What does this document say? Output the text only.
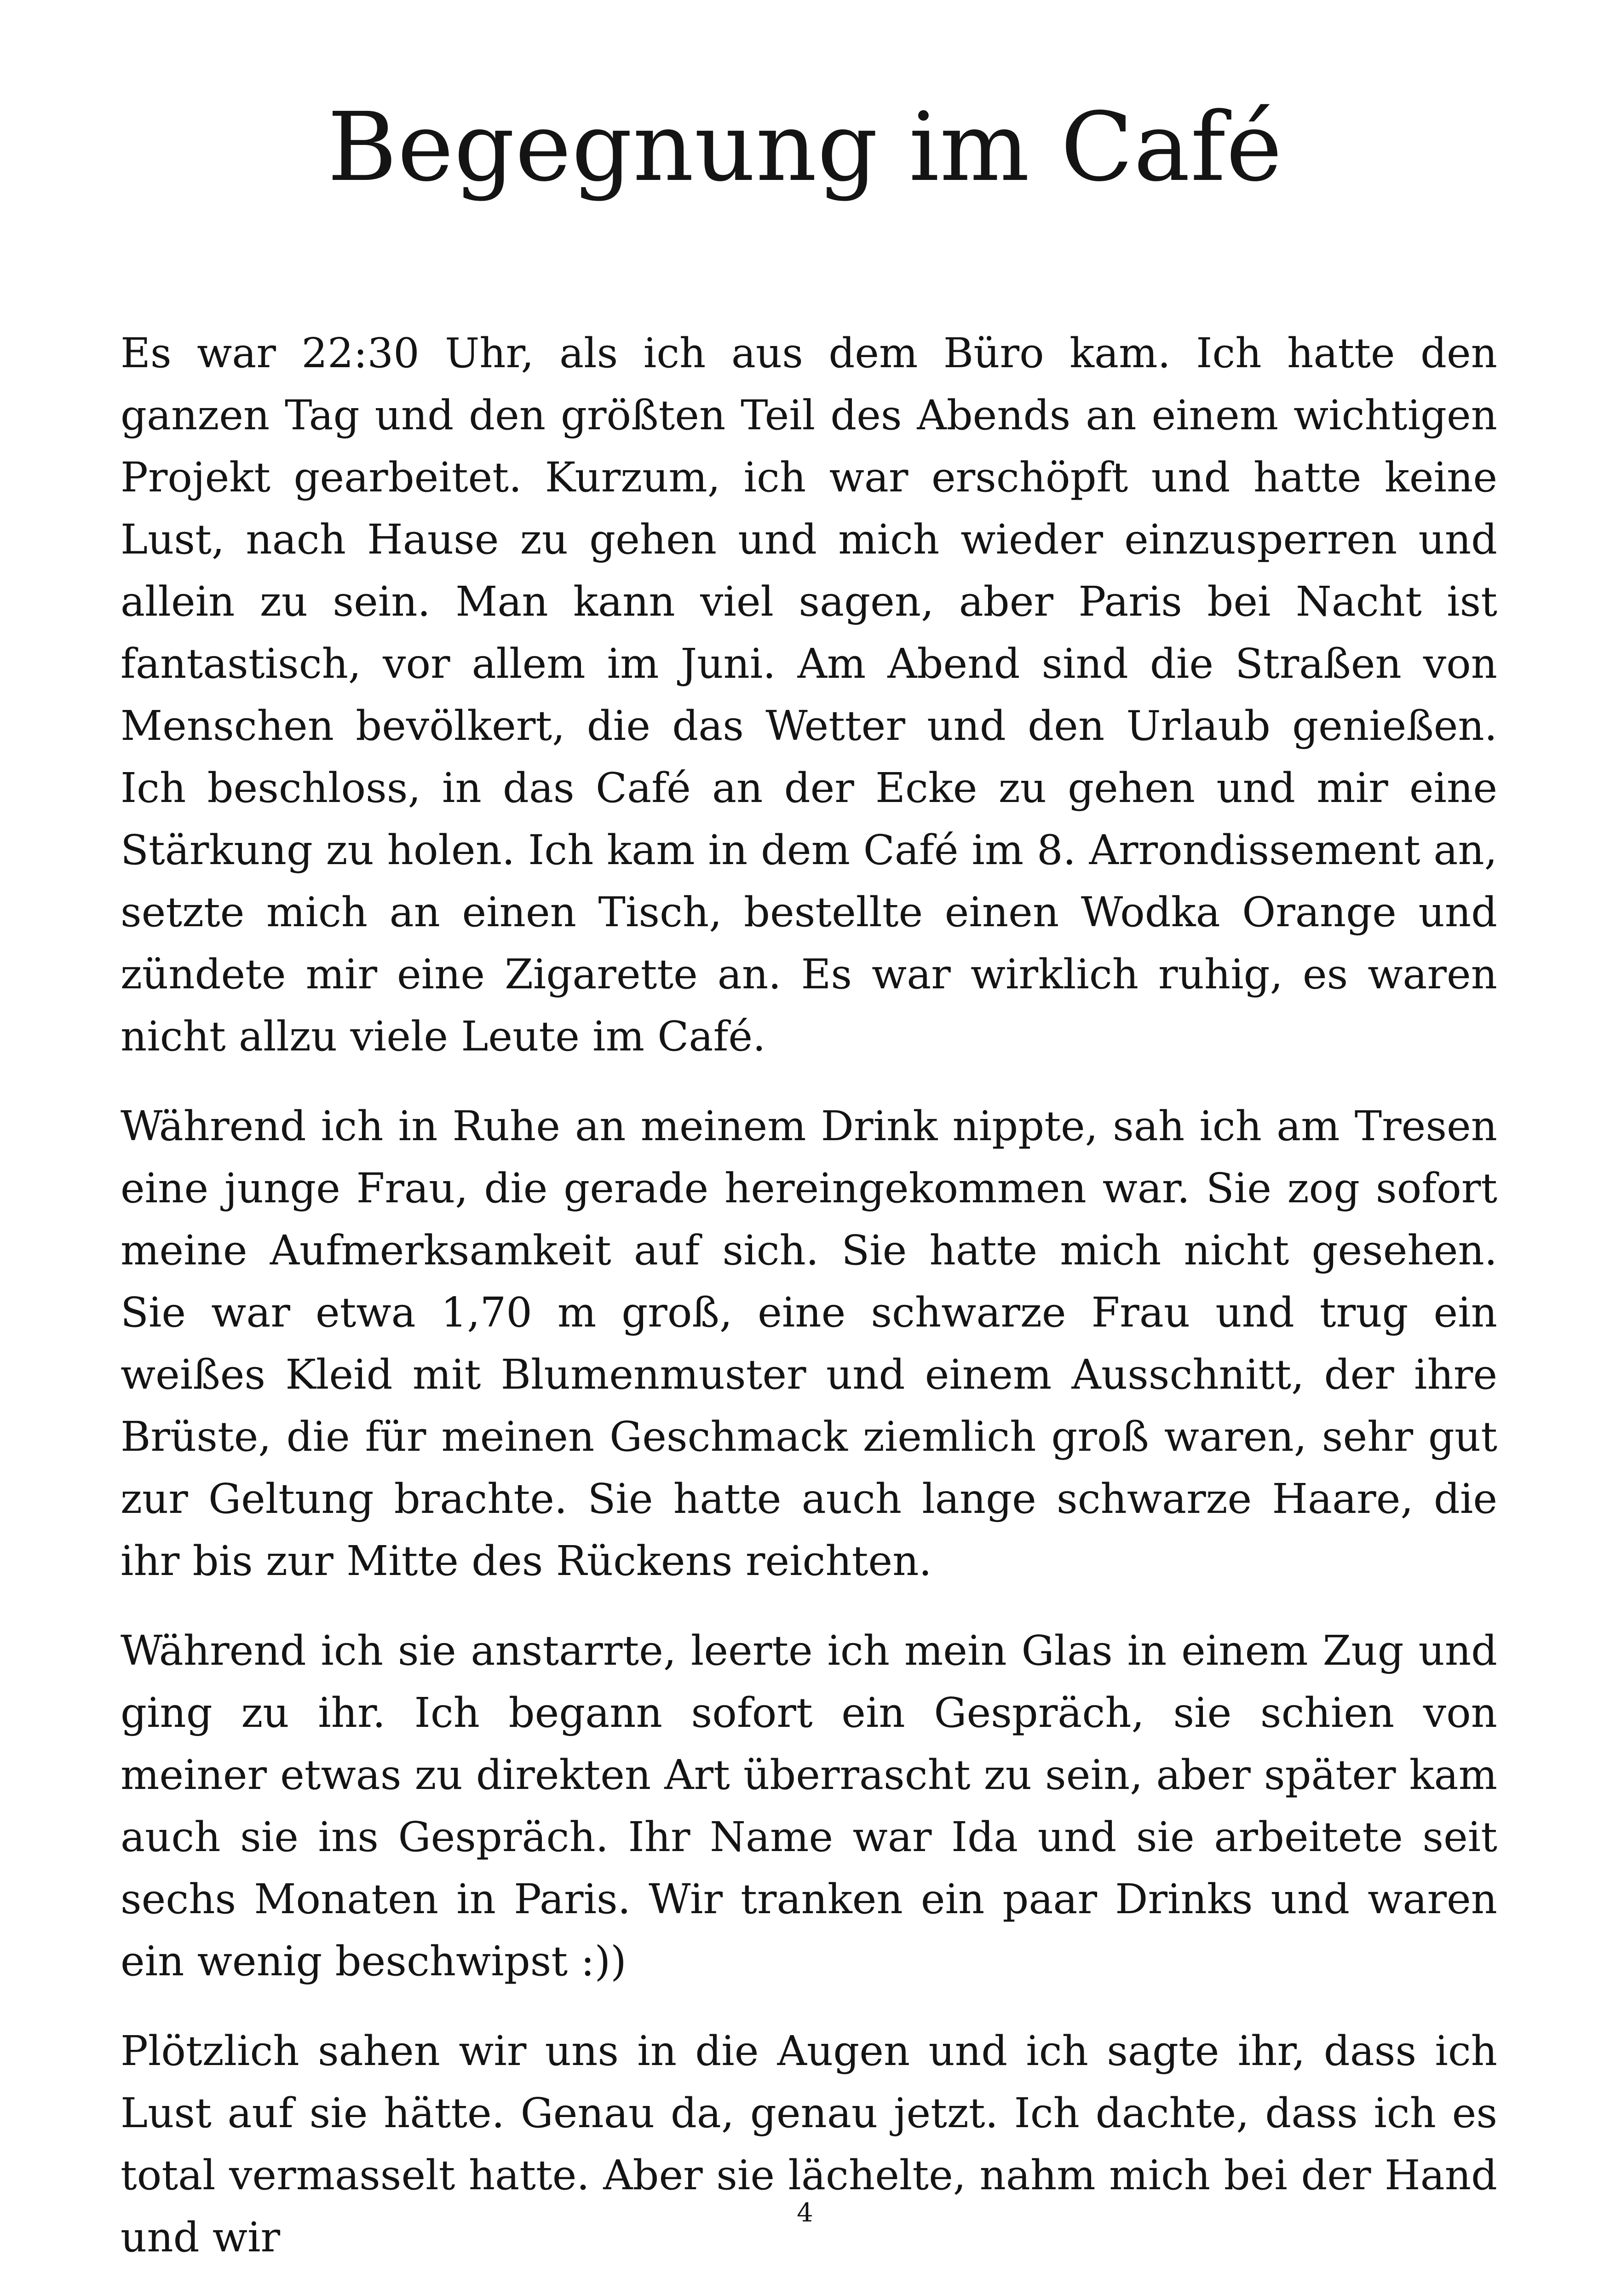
Begegnung im Café

Es war 22:30 Uhr, als ich aus dem Büro kam. Ich hatte den ganzen Tag und den größten Teil des Abends an einem wichtigen Projekt gearbeitet. Kurzum, ich war erschöpft und hatte keine Lust, nach Hause zu gehen und mich wieder einzusperren und allein zu sein. Man kann viel sagen, aber Paris bei Nacht ist fantastisch, vor allem im Juni. Am Abend sind die Straßen von Menschen bevölkert, die das Wetter und den Urlaub genießen. Ich beschloss, in das Café an der Ecke zu gehen und mir eine Stärkung zu holen. Ich kam in dem Café im 8. Arrondissement an, setzte mich an einen Tisch, bestellte einen Wodka Orange und zündete mir eine Zigarette an. Es war wirklich ruhig, es waren nicht allzu viele Leute im Café.

Während ich in Ruhe an meinem Drink nippte, sah ich am Tresen eine junge Frau, die gerade hereingekommen war. Sie zog sofort meine Aufmerksamkeit auf sich. Sie hatte mich nicht gesehen. Sie war etwa 1,70 m groß, eine schwarze Frau und trug ein weißes Kleid mit Blumenmuster und einem Ausschnitt, der ihre Brüste, die für meinen Geschmack ziemlich groß waren, sehr gut zur Geltung brachte. Sie hatte auch lange schwarze Haare, die ihr bis zur Mitte des Rückens reichten.

Während ich sie anstarrte, leerte ich mein Glas in einem Zug und ging zu ihr. Ich begann sofort ein Gespräch, sie schien von meiner etwas zu direkten Art überrascht zu sein, aber später kam auch sie ins Gespräch. Ihr Name war Ida und sie arbeitete seit sechs Monaten in Paris. Wir tranken ein paar Drinks und waren ein wenig beschwipst :))

Plötzlich sahen wir uns in die Augen und ich sagte ihr, dass ich Lust auf sie hätte. Genau da, genau jetzt. Ich dachte, dass ich es total vermasselt hatte. Aber sie lächelte, nahm mich bei der Hand und wir

4
